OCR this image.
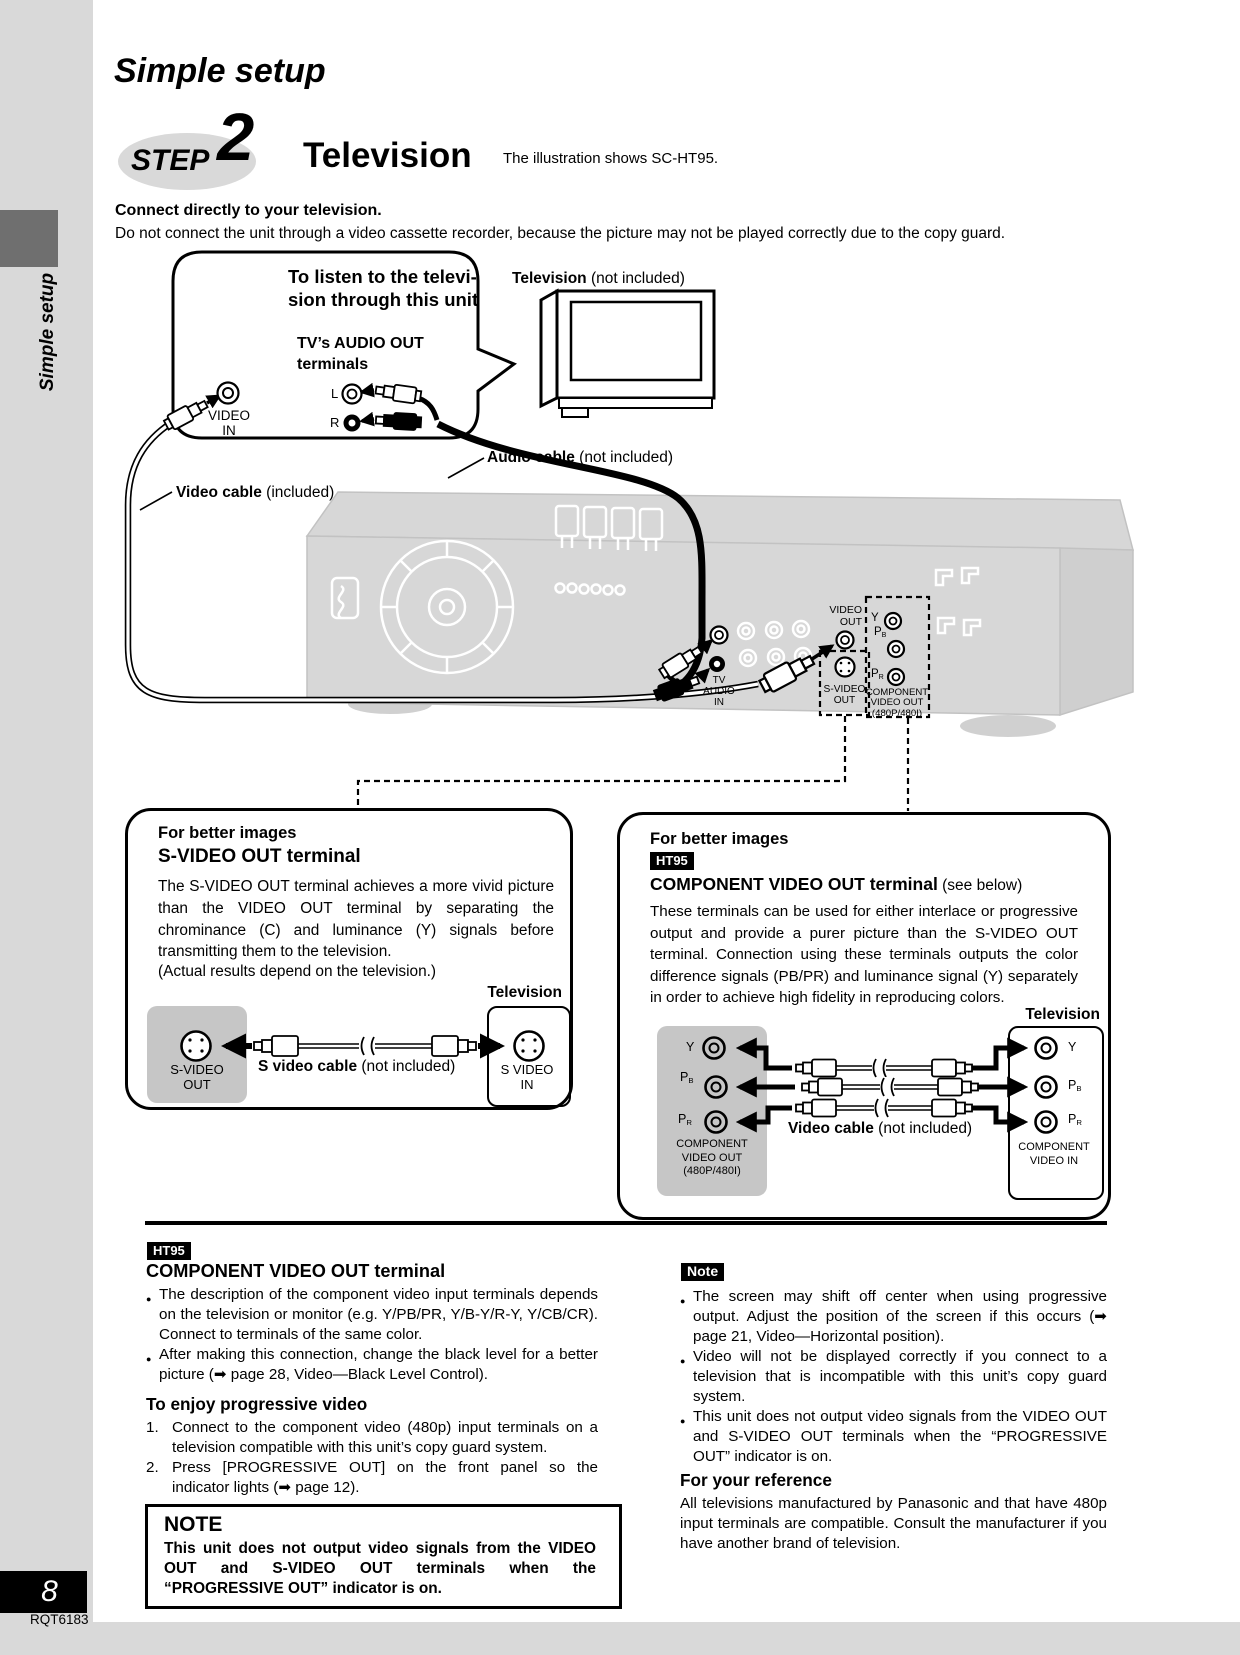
Simple setup
8
RQT6183
Simple setup
STEP 2 Television The illustration shows SC-HT95.
Connect directly to your television.
Do not connect the unit through a video cassette recorder, because the picture may not be played correctly due to the copy guard.
To listen to the televi-
sion through this unit
TV’s AUDIO OUT
terminals
L
R
VIDEO
IN
Television (not included)
Audio cable (not included)
Video cable (included)
VIDEO
OUT
TV
AUDIO
IN
S-VIDEO
OUT
COMPONENT
VIDEO OUT
(480P/480I)
Y
PB
PR
For better images
S-VIDEO OUT terminal
The S-VIDEO OUT terminal achieves a more vivid picture than the VIDEO OUT terminal by separating the chrominance (C) and luminance (Y) signals before transmitting them to the television.
(Actual results depend on the television.)
Television
S-VIDEO
OUT
S VIDEO
IN
S video cable (not included)
For better images
HT95
COMPONENT VIDEO OUT terminal (see below)
These terminals can be used for either interlace or progressive output and provide a purer picture than the S-VIDEO OUT terminal. Connection using these terminals outputs the color difference signals (PB/PR) and luminance signal (Y) separately in order to achieve high fidelity in reproducing colors.
Television
Y
PB
PR
Y
PB
PR
COMPONENT
VIDEO OUT
(480P/480I)
COMPONENT
VIDEO IN
Video cable (not included)
HT95
COMPONENT VIDEO OUT terminal
● The description of the component video input terminals depends on the television or monitor (e.g. Y/PB/PR, Y/B-Y/R-Y, Y/CB/CR). Connect to terminals of the same color.
● After making this connection, change the black level for a better picture (➡ page 28, Video—Black Level Control).
To enjoy progressive video
1. Connect to the component video (480p) input terminals on a television compatible with this unit’s copy guard system.
2. Press [PROGRESSIVE OUT] on the front panel so the indicator lights (➡ page 12).
NOTE
This unit does not output video signals from the VIDEO OUT and S-VIDEO OUT terminals when the “PROGRESSIVE OUT” indicator is on.
Note
● The screen may shift off center when using progressive output. Adjust the position of the screen if this occurs (➡ page 21, Video—Horizontal position).
● Video will not be displayed correctly if you connect to a television that is incompatible with this unit’s copy guard system.
● This unit does not output video signals from the VIDEO OUT and S-VIDEO OUT terminals when the “PROGRESSIVE OUT” indicator is on.
For your reference
All televisions manufactured by Panasonic and that have 480p input terminals are compatible. Consult the manufacturer if you have another brand of television.
